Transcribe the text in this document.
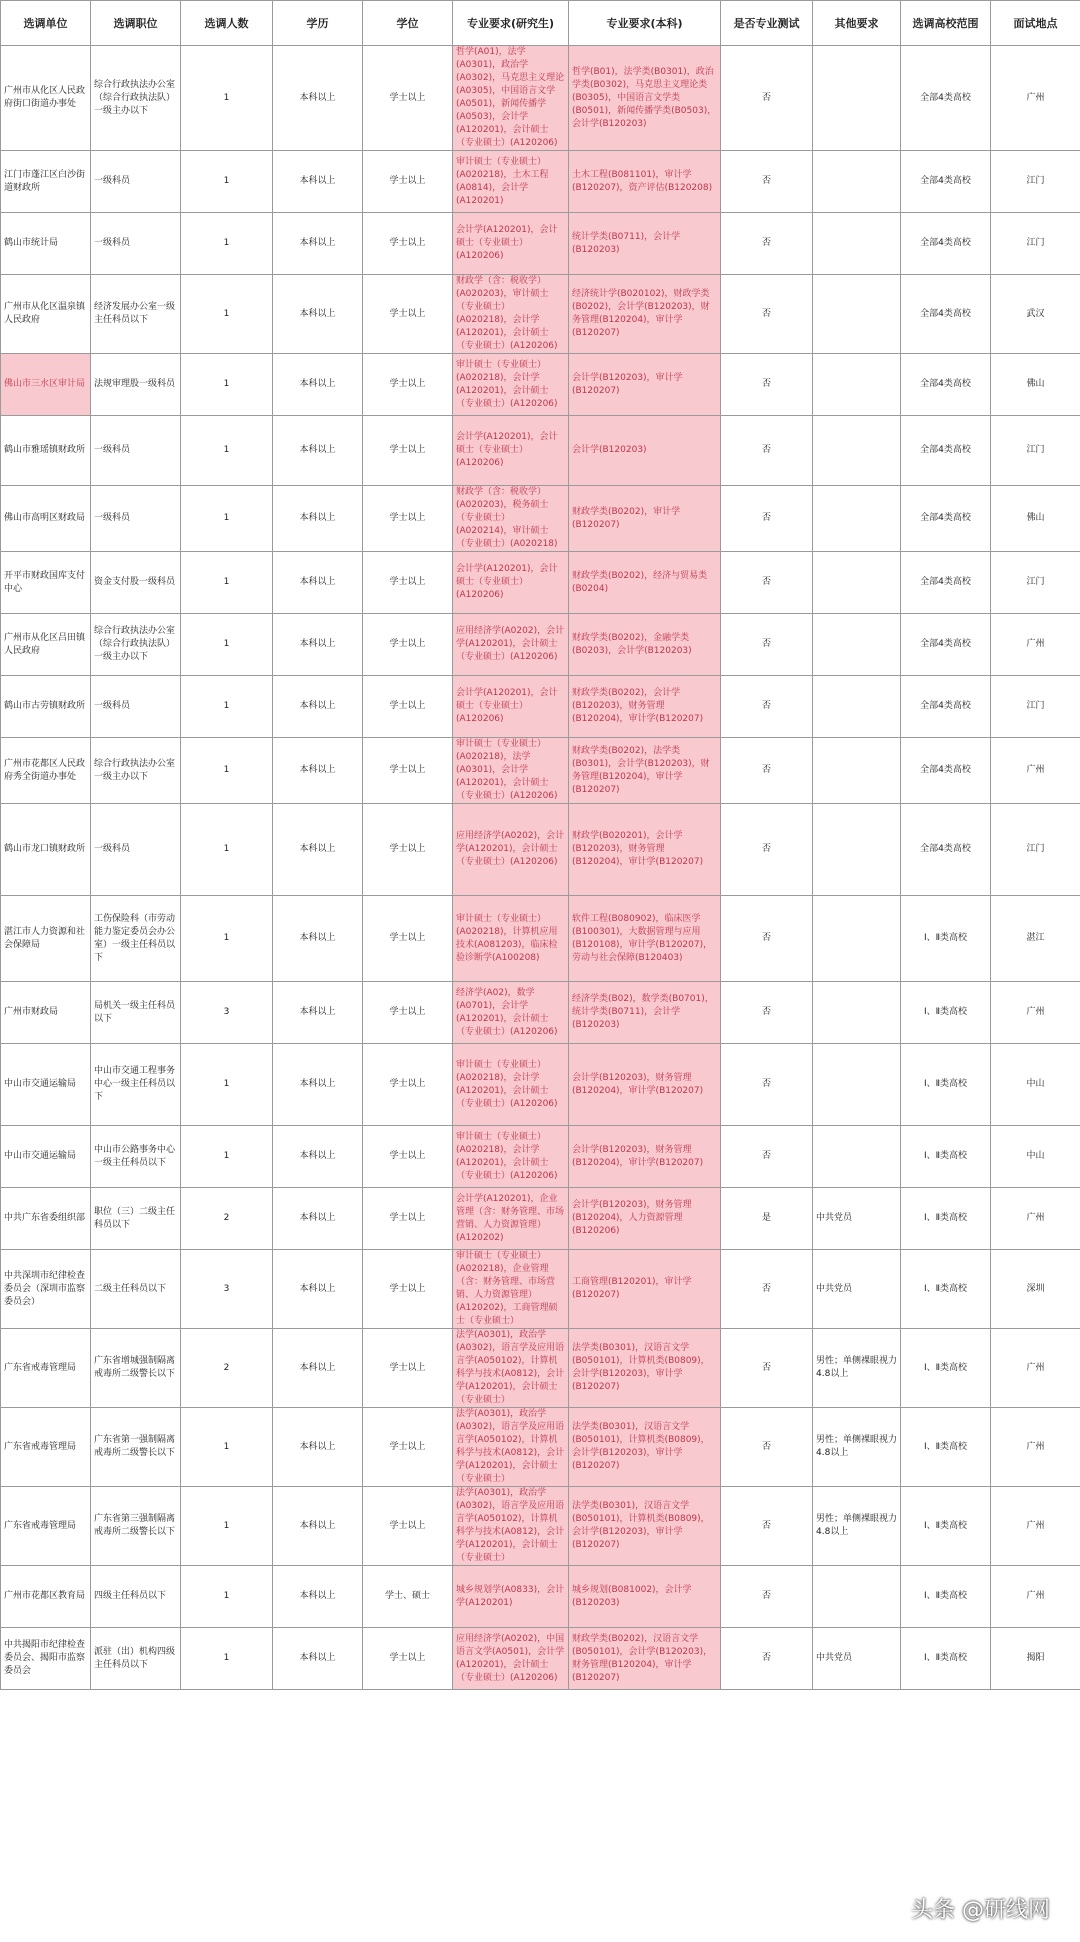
选调单位	选调职位	选调人数	学历	学位	专业要求(研究生)	专业要求(本科)	是否专业测试	其他要求	选调高校范围	面试地点
广州市从化区人民政府街口街道办事处	综合行政执法办公室（综合行政执法队）一级主办以下	1	本科以上	学士以上	哲学(A01)，法学(A0301)，政治学(A0302)，马克思主义理论(A0305)，中国语言文学(A0501)，新闻传播学(A0503)，会计学(A120201)，会计硕士（专业硕士）(A120206)	哲学(B01)，法学类(B0301)，政治学类(B0302)，马克思主义理论类(B0305)，中国语言文学类(B0501)，新闻传播学类(B0503)，会计学(B120203)	否		全部4类高校	广州
江门市蓬江区白沙街道财政所	一级科员	1	本科以上	学士以上	审计硕士（专业硕士）(A020218)，土木工程(A0814)，会计学(A120201)	土木工程(B081101)，审计学(B120207)，资产评估(B120208)	否		全部4类高校	江门
鹤山市统计局	一级科员	1	本科以上	学士以上	会计学(A120201)，会计硕士（专业硕士）(A120206)	统计学类(B0711)，会计学(B120203)	否		全部4类高校	江门
广州市从化区温泉镇人民政府	经济发展办公室一级主任科员以下	1	本科以上	学士以上	财政学（含：税收学）(A020203)，审计硕士（专业硕士）(A020218)，会计学(A120201)，会计硕士（专业硕士）(A120206)	经济统计学(B020102)，财政学类(B0202)，会计学(B120203)，财务管理(B120204)，审计学(B120207)	否		全部4类高校	武汉
佛山市三水区审计局	法规审理股一级科员	1	本科以上	学士以上	审计硕士（专业硕士）(A020218)，会计学(A120201)，会计硕士（专业硕士）(A120206)	会计学(B120203)，审计学(B120207)	否		全部4类高校	佛山
鹤山市雅瑶镇财政所	一级科员	1	本科以上	学士以上	会计学(A120201)，会计硕士（专业硕士）(A120206)	会计学(B120203)	否		全部4类高校	江门
佛山市高明区财政局	一级科员	1	本科以上	学士以上	财政学（含：税收学）(A020203)，税务硕士（专业硕士）(A020214)，审计硕士（专业硕士）(A020218)	财政学类(B0202)，审计学(B120207)	否		全部4类高校	佛山
开平市财政国库支付中心	资金支付股一级科员	1	本科以上	学士以上	会计学(A120201)，会计硕士（专业硕士）(A120206)	财政学类(B0202)，经济与贸易类(B0204)	否		全部4类高校	江门
广州市从化区吕田镇人民政府	综合行政执法办公室（综合行政执法队）一级主办以下	1	本科以上	学士以上	应用经济学(A0202)，会计学(A120201)，会计硕士（专业硕士）(A120206)	财政学类(B0202)，金融学类(B0203)，会计学(B120203)	否		全部4类高校	广州
鹤山市古劳镇财政所	一级科员	1	本科以上	学士以上	会计学(A120201)，会计硕士（专业硕士）(A120206)	财政学类(B0202)，会计学(B120203)，财务管理(B120204)，审计学(B120207)	否		全部4类高校	江门
广州市花都区人民政府秀全街道办事处	综合行政执法办公室一级主办以下	1	本科以上	学士以上	审计硕士（专业硕士）(A020218)，法学(A0301)，会计学(A120201)，会计硕士（专业硕士）(A120206)	财政学类(B0202)，法学类(B0301)，会计学(B120203)，财务管理(B120204)，审计学(B120207)	否		全部4类高校	广州
鹤山市龙口镇财政所	一级科员	1	本科以上	学士以上	应用经济学(A0202)，会计学(A120201)，会计硕士（专业硕士）(A120206)	财政学(B020201)，会计学(B120203)，财务管理(B120204)，审计学(B120207)	否		全部4类高校	江门
湛江市人力资源和社会保障局	工伤保险科（市劳动能力鉴定委员会办公室）一级主任科员以下	1	本科以上	学士以上	审计硕士（专业硕士）(A020218)，计算机应用技术(A081203)，临床检验诊断学(A100208)	软件工程(B080902)，临床医学(B100301)，大数据管理与应用(B120108)，审计学(B120207)，劳动与社会保障(B120403)	否		Ⅰ、Ⅱ类高校	湛江
广州市财政局	局机关一级主任科员以下	3	本科以上	学士以上	经济学(A02)，数学(A0701)，会计学(A120201)，会计硕士（专业硕士）(A120206)	经济学类(B02)，数学类(B0701)，统计学类(B0711)，会计学(B120203)	否		Ⅰ、Ⅱ类高校	广州
中山市交通运输局	中山市交通工程事务中心一级主任科员以下	1	本科以上	学士以上	审计硕士（专业硕士）(A020218)，会计学(A120201)，会计硕士（专业硕士）(A120206)	会计学(B120203)，财务管理(B120204)，审计学(B120207)	否		Ⅰ、Ⅱ类高校	中山
中山市交通运输局	中山市公路事务中心一级主任科员以下	1	本科以上	学士以上	审计硕士（专业硕士）(A020218)，会计学(A120201)，会计硕士（专业硕士）(A120206)	会计学(B120203)，财务管理(B120204)，审计学(B120207)	否		Ⅰ、Ⅱ类高校	中山
中共广东省委组织部	职位（三）二级主任科员以下	2	本科以上	学士以上	会计学(A120201)，企业管理（含：财务管理、市场营销、人力资源管理）(A120202)	会计学(B120203)，财务管理(B120204)，人力资源管理(B120206)	是	中共党员	Ⅰ、Ⅱ类高校	广州
中共深圳市纪律检查委员会（深圳市监察委员会）	二级主任科员以下	3	本科以上	学士以上	审计硕士（专业硕士）(A020218)，企业管理（含：财务管理、市场营销、人力资源管理）(A120202)，工商管理硕士（专业硕士）	工商管理(B120201)，审计学(B120207)	否	中共党员	Ⅰ、Ⅱ类高校	深圳
广东省戒毒管理局	广东省增城强制隔离戒毒所二级警长以下	2	本科以上	学士以上	法学(A0301)，政治学(A0302)，语言学及应用语言学(A050102)，计算机科学与技术(A0812)，会计学(A120201)，会计硕士（专业硕士）	法学类(B0301)，汉语言文学(B050101)，计算机类(B0809)，会计学(B120203)，审计学(B120207)	否	男性；单侧裸眼视力4.8以上	Ⅰ、Ⅱ类高校	广州
广东省戒毒管理局	广东省第一强制隔离戒毒所二级警长以下	1	本科以上	学士以上	法学(A0301)，政治学(A0302)，语言学及应用语言学(A050102)，计算机科学与技术(A0812)，会计学(A120201)，会计硕士（专业硕士）	法学类(B0301)，汉语言文学(B050101)，计算机类(B0809)，会计学(B120203)，审计学(B120207)	否	男性；单侧裸眼视力4.8以上	Ⅰ、Ⅱ类高校	广州
广东省戒毒管理局	广东省第三强制隔离戒毒所二级警长以下	1	本科以上	学士以上	法学(A0301)，政治学(A0302)，语言学及应用语言学(A050102)，计算机科学与技术(A0812)，会计学(A120201)，会计硕士（专业硕士）	法学类(B0301)，汉语言文学(B050101)，计算机类(B0809)，会计学(B120203)，审计学(B120207)	否	男性；单侧裸眼视力4.8以上	Ⅰ、Ⅱ类高校	广州
广州市花都区教育局	四级主任科员以下	1	本科以上	学士、硕士	城乡规划学(A0833)，会计学(A120201)	城乡规划(B081002)，会计学(B120203)	否		Ⅰ、Ⅱ类高校	广州
中共揭阳市纪律检查委员会、揭阳市监察委员会	派驻（出）机构四级主任科员以下	1	本科以上	学士以上	应用经济学(A0202)，中国语言文学(A0501)，会计学(A120201)，会计硕士（专业硕士）(A120206)	财政学类(B0202)，汉语言文学(B050101)，会计学(B120203)，财务管理(B120204)，审计学(B120207)	否	中共党员	Ⅰ、Ⅱ类高校	揭阳
头条 @研线网
